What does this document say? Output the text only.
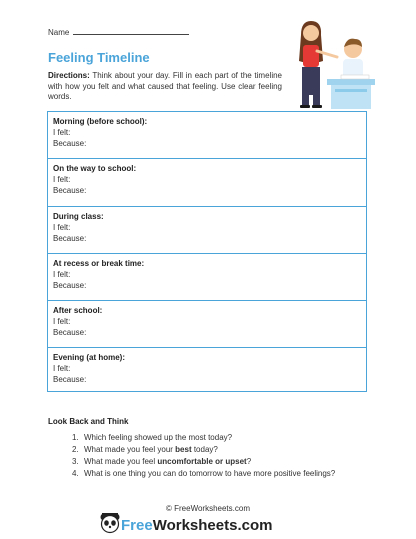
Name
Feeling Timeline
Directions: Think about your day. Fill in each part of the timeline with how you felt and what caused that feeling. Use clear feeling words.
Morning (before school):
I felt:
Because:
On the way to school:
I felt:
Because:
During class:
I felt:
Because:
At recess or break time:
I felt:
Because:
After school:
I felt:
Because:
Evening (at home):
I felt:
Because:
Look Back and Think
1. Which feeling showed up the most today?
2. What made you feel your best today?
3. What made you feel uncomfortable or upset?
4. What is one thing you can do tomorrow to have more positive feelings?
© FreeWorksheets.com
FreeWorksheets.com
